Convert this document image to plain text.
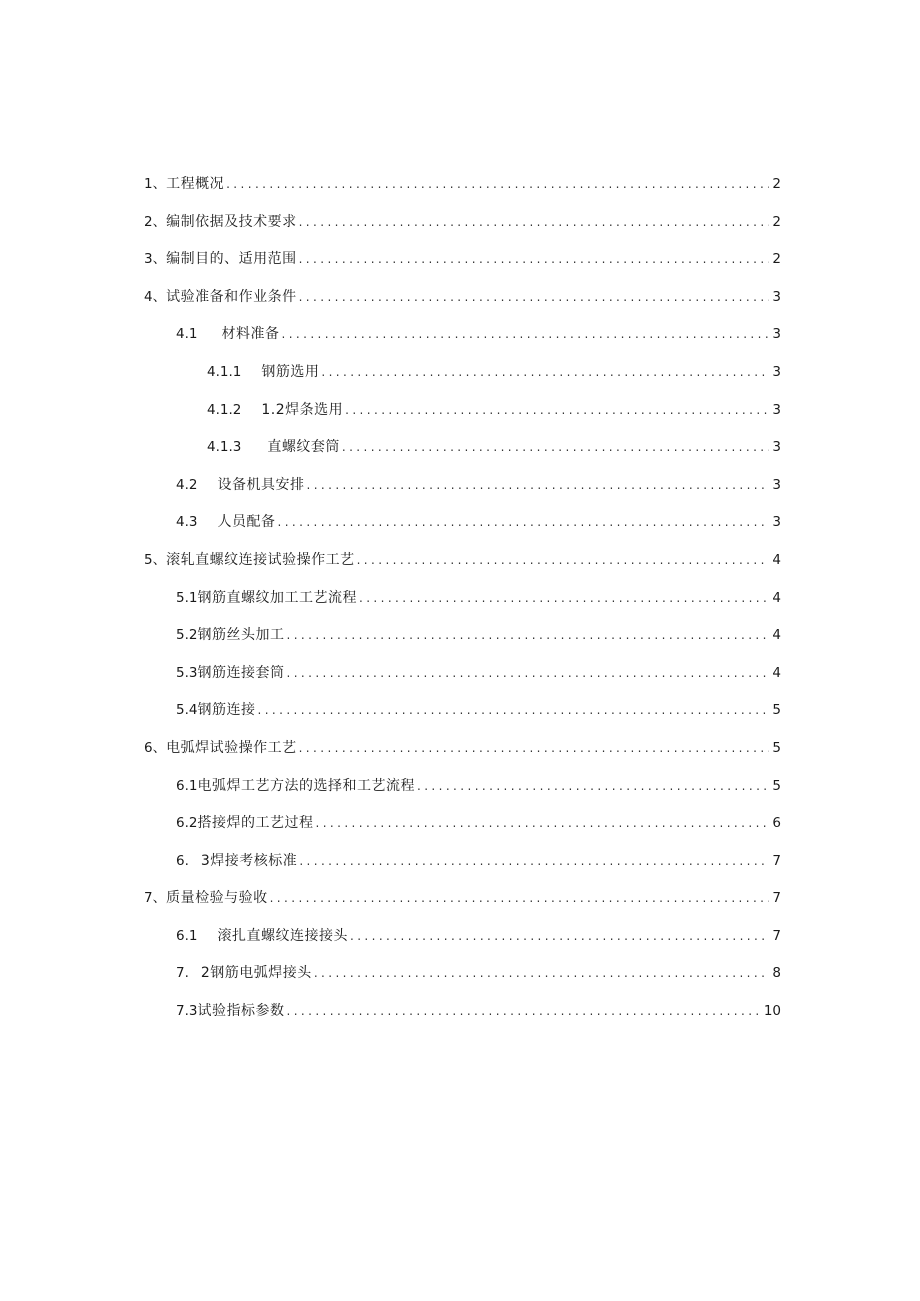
1、 工程概况 .....	2
2、 编制依据及技术要求 .....	2
3、 编制目的、适用范围 .....	2
4、 试验准备和作业条件 .....	3
4.1 材料准备 .....	3
4.1.1 钢筋选用 .....	3
4.1.2 1.2焊条选用 .....	3
4.1.3 直螺纹套筒 .....	3
4.2 设备机具安排 .....	3
4.3 人员配备 .....	3
5、 滚轧直螺纹连接试验操作工艺 .....	4
5.1 钢筋直螺纹加工工艺流程 .....	4
5.2 钢筋丝头加工 .....	4
5.3 钢筋连接套筒 .....	4
5.4 钢筋连接 .....	5
6、 电弧焊试验操作工艺 .....	5
6.1 电弧焊工艺方法的选择和工艺流程 .....	5
6.2 搭接焊的工艺过程 .....	6
6. 3焊接考核标准 .....	7
7、 质量检验与验收 .....	7
6.1 滚扎直螺纹连接接头 .....	7
7. 2钢筋电弧焊接头 .....	8
7.3 试验指标参数 .....	10
